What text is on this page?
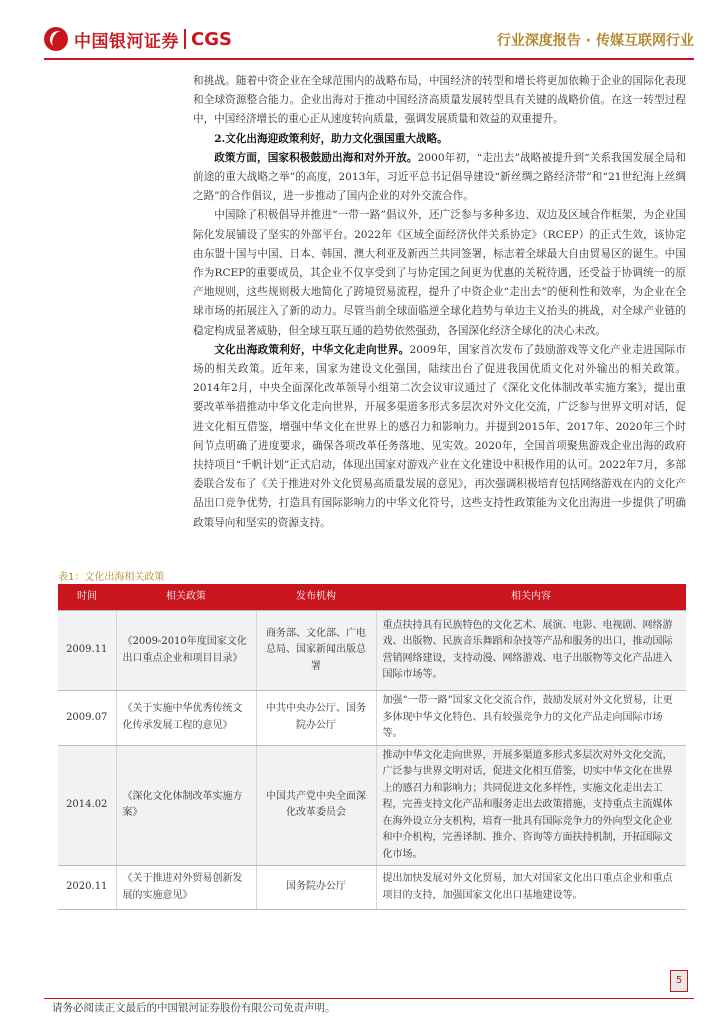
中国银河证券 CGS	行业深度报告 · 传媒互联网行业

和挑战。随着中资企业在全球范围内的战略布局，中国经济的转型和增长将更加依赖于企业的国际化表现和全球资源整合能力。企业出海对于推动中国经济高质量发展转型具有关键的战略价值。在这一转型过程中，中国经济增长的重心正从速度转向质量，强调发展质量和效益的双重提升。

2.文化出海迎政策利好，助力文化强国重大战略。

政策方面，国家积极鼓励出海和对外开放。2000年初，“走出去”战略被提升到“关系我国发展全局和前途的重大战略之举”的高度，2013年，习近平总书记倡导建设“新丝绸之路经济带”和“21世纪海上丝绸之路”的合作倡议，进一步推动了国内企业的对外交流合作。

中国除了积极倡导并推进“一带一路”倡议外，还广泛参与多种多边、双边及区域合作框架，为企业国际化发展铺设了坚实的外部平台。2022年《区域全面经济伙伴关系协定》（RCEP）的正式生效，该协定由东盟十国与中国、日本、韩国、澳大利亚及新西兰共同签署，标志着全球最大自由贸易区的诞生。中国作为RCEP的重要成员，其企业不仅享受到了与协定国之间更为优惠的关税待遇，还受益于协调统一的原产地规则，这些规则极大地简化了跨境贸易流程，提升了中资企业“走出去”的便利性和效率，为企业在全球市场的拓展注入了新的动力。尽管当前全球面临逆全球化趋势与单边主义抬头的挑战，对全球产业链的稳定构成显著威胁，但全球互联互通的趋势依然强劲，各国深化经济全球化的决心未改。

文化出海政策利好，中华文化走向世界。2009年，国家首次发布了鼓励游戏等文化产业走进国际市场的相关政策。近年来，国家为建设文化强国，陆续出台了促进我国优质文化对外输出的相关政策。2014年2月，中央全面深化改革领导小组第二次会议审议通过了《深化文化体制改革实施方案》，提出重要改革举措推动中华文化走向世界，开展多渠道多形式多层次对外文化交流，广泛参与世界文明对话，促进文化相互借鉴，增强中华文化在世界上的感召力和影响力。并提到2015年、2017年、2020年三个时间节点明确了进度要求，确保各项改革任务落地、见实效。2020年，全国首项聚焦游戏企业出海的政府扶持项目“千帆计划”正式启动，体现出国家对游戏产业在文化建设中积极作用的认可。2022年7月，多部委联合发布了《关于推进对外文化贸易高质量发展的意见》，再次强调积极培育包括网络游戏在内的文化产品出口竞争优势，打造具有国际影响力的中华文化符号，这些支持性政策能为文化出海进一步提供了明确政策导向和坚实的资源支持。

表1：文化出海相关政策
时间	相关政策	发布机构	相关内容
2009.11	《2009-2010年度国家文化出口重点企业和项目目录》	商务部、文化部、广电总局、国家新闻出版总署	重点扶持具有民族特色的文化艺术、展演、电影、电视剧、网络游戏、出版物、民族音乐舞蹈和杂技等产品和服务的出口，推动国际营销网络建设，支持动漫、网络游戏、电子出版物等文化产品进入国际市场等。
2009.07	《关于实施中华优秀传统文化传承发展工程的意见》	中共中央办公厅、国务院办公厅	加强“一带一路”国家文化交流合作，鼓励发展对外文化贸易，让更多体现中华文化特色、具有较强竞争力的文化产品走向国际市场等。
2014.02	《深化文化体制改革实施方案》	中国共产党中央全面深化改革委员会	推动中华文化走向世界，开展多渠道多形式多层次对外文化交流，广泛参与世界文明对话，促进文化相互借鉴，切实中华文化在世界上的感召力和影响力；共同促进文化多样性，实施文化走出去工程，完善支持文化产品和服务走出去政策措施，支持重点主流媒体在海外设立分支机构，培育一批具有国际竞争力的外向型文化企业和中介机构，完善译制、推介、咨询等方面扶持机制，开拓国际文化市场。
2020.11	《关于推进对外贸易创新发展的实施意见》	国务院办公厅	提出加快发展对外文化贸易，加大对国家文化出口重点企业和重点项目的支持，加强国家文化出口基地建设等。
5
请务必阅读正文最后的中国银河证券股份有限公司免责声明。
